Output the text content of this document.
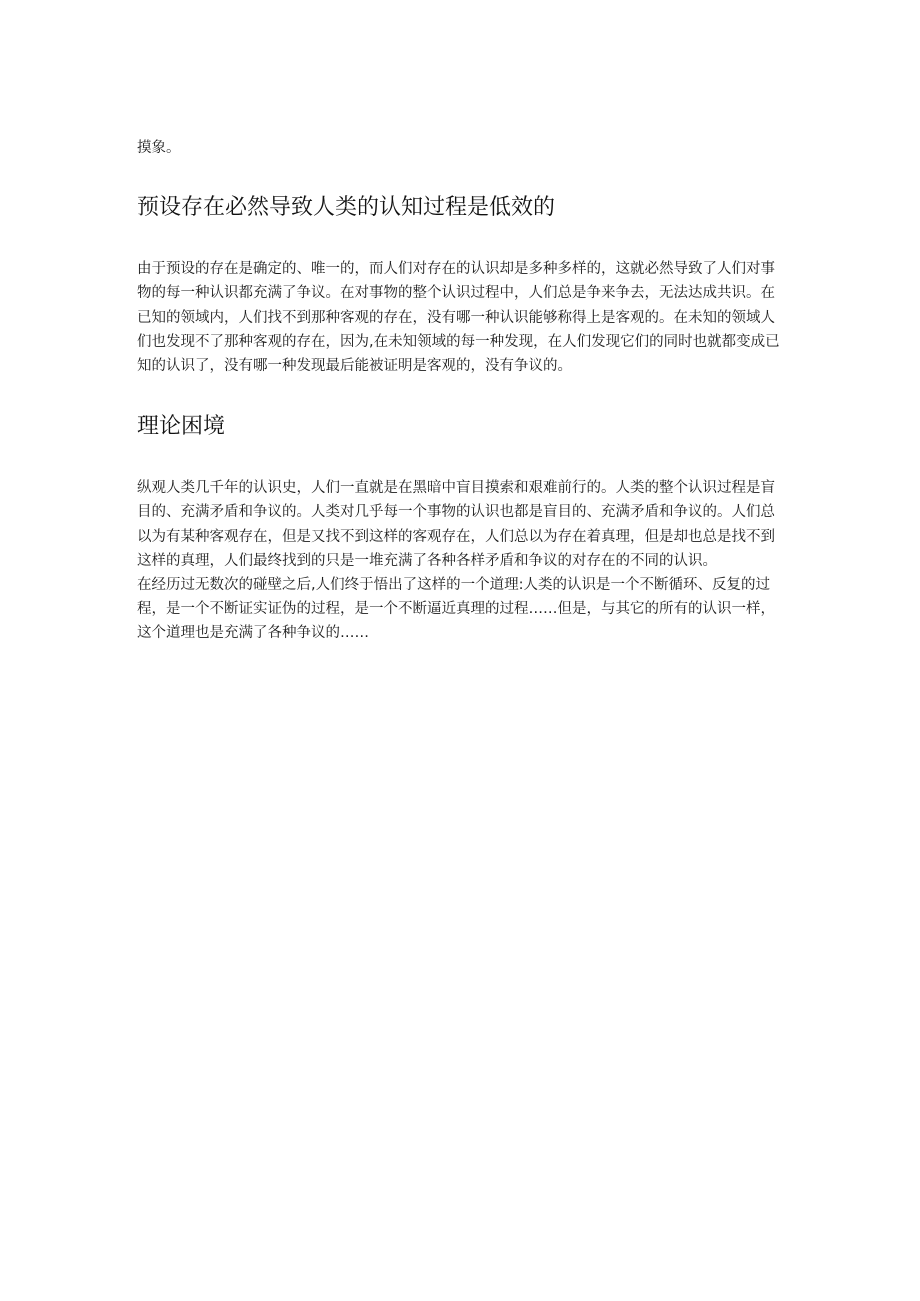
摸象。

预设存在必然导致人类的认知过程是低效的

由于预设的存在是确定的、唯一的，而人们对存在的认识却是多种多样的，这就必然导致了人们对事物的每一种认识都充满了争议。在对事物的整个认识过程中，人们总是争来争去，无法达成共识。在已知的领域内，人们找不到那种客观的存在，没有哪一种认识能够称得上是客观的。在未知的领域人们也发现不了那种客观的存在，因为,在未知领域的每一种发现，在人们发现它们的同时也就都变成已知的认识了，没有哪一种发现最后能被证明是客观的，没有争议的。

理论困境

纵观人类几千年的认识史，人们一直就是在黑暗中盲目摸索和艰难前行的。人类的整个认识过程是盲目的、充满矛盾和争议的。人类对几乎每一个事物的认识也都是盲目的、充满矛盾和争议的。人们总以为有某种客观存在，但是又找不到这样的客观存在，人们总以为存在着真理，但是却也总是找不到这样的真理，人们最终找到的只是一堆充满了各种各样矛盾和争议的对存在的不同的认识。

在经历过无数次的碰壁之后,人们终于悟出了这样的一个道理:人类的认识是一个不断循环、反复的过程，是一个不断证实证伪的过程，是一个不断逼近真理的过程……但是，与其它的所有的认识一样，这个道理也是充满了各种争议的……
